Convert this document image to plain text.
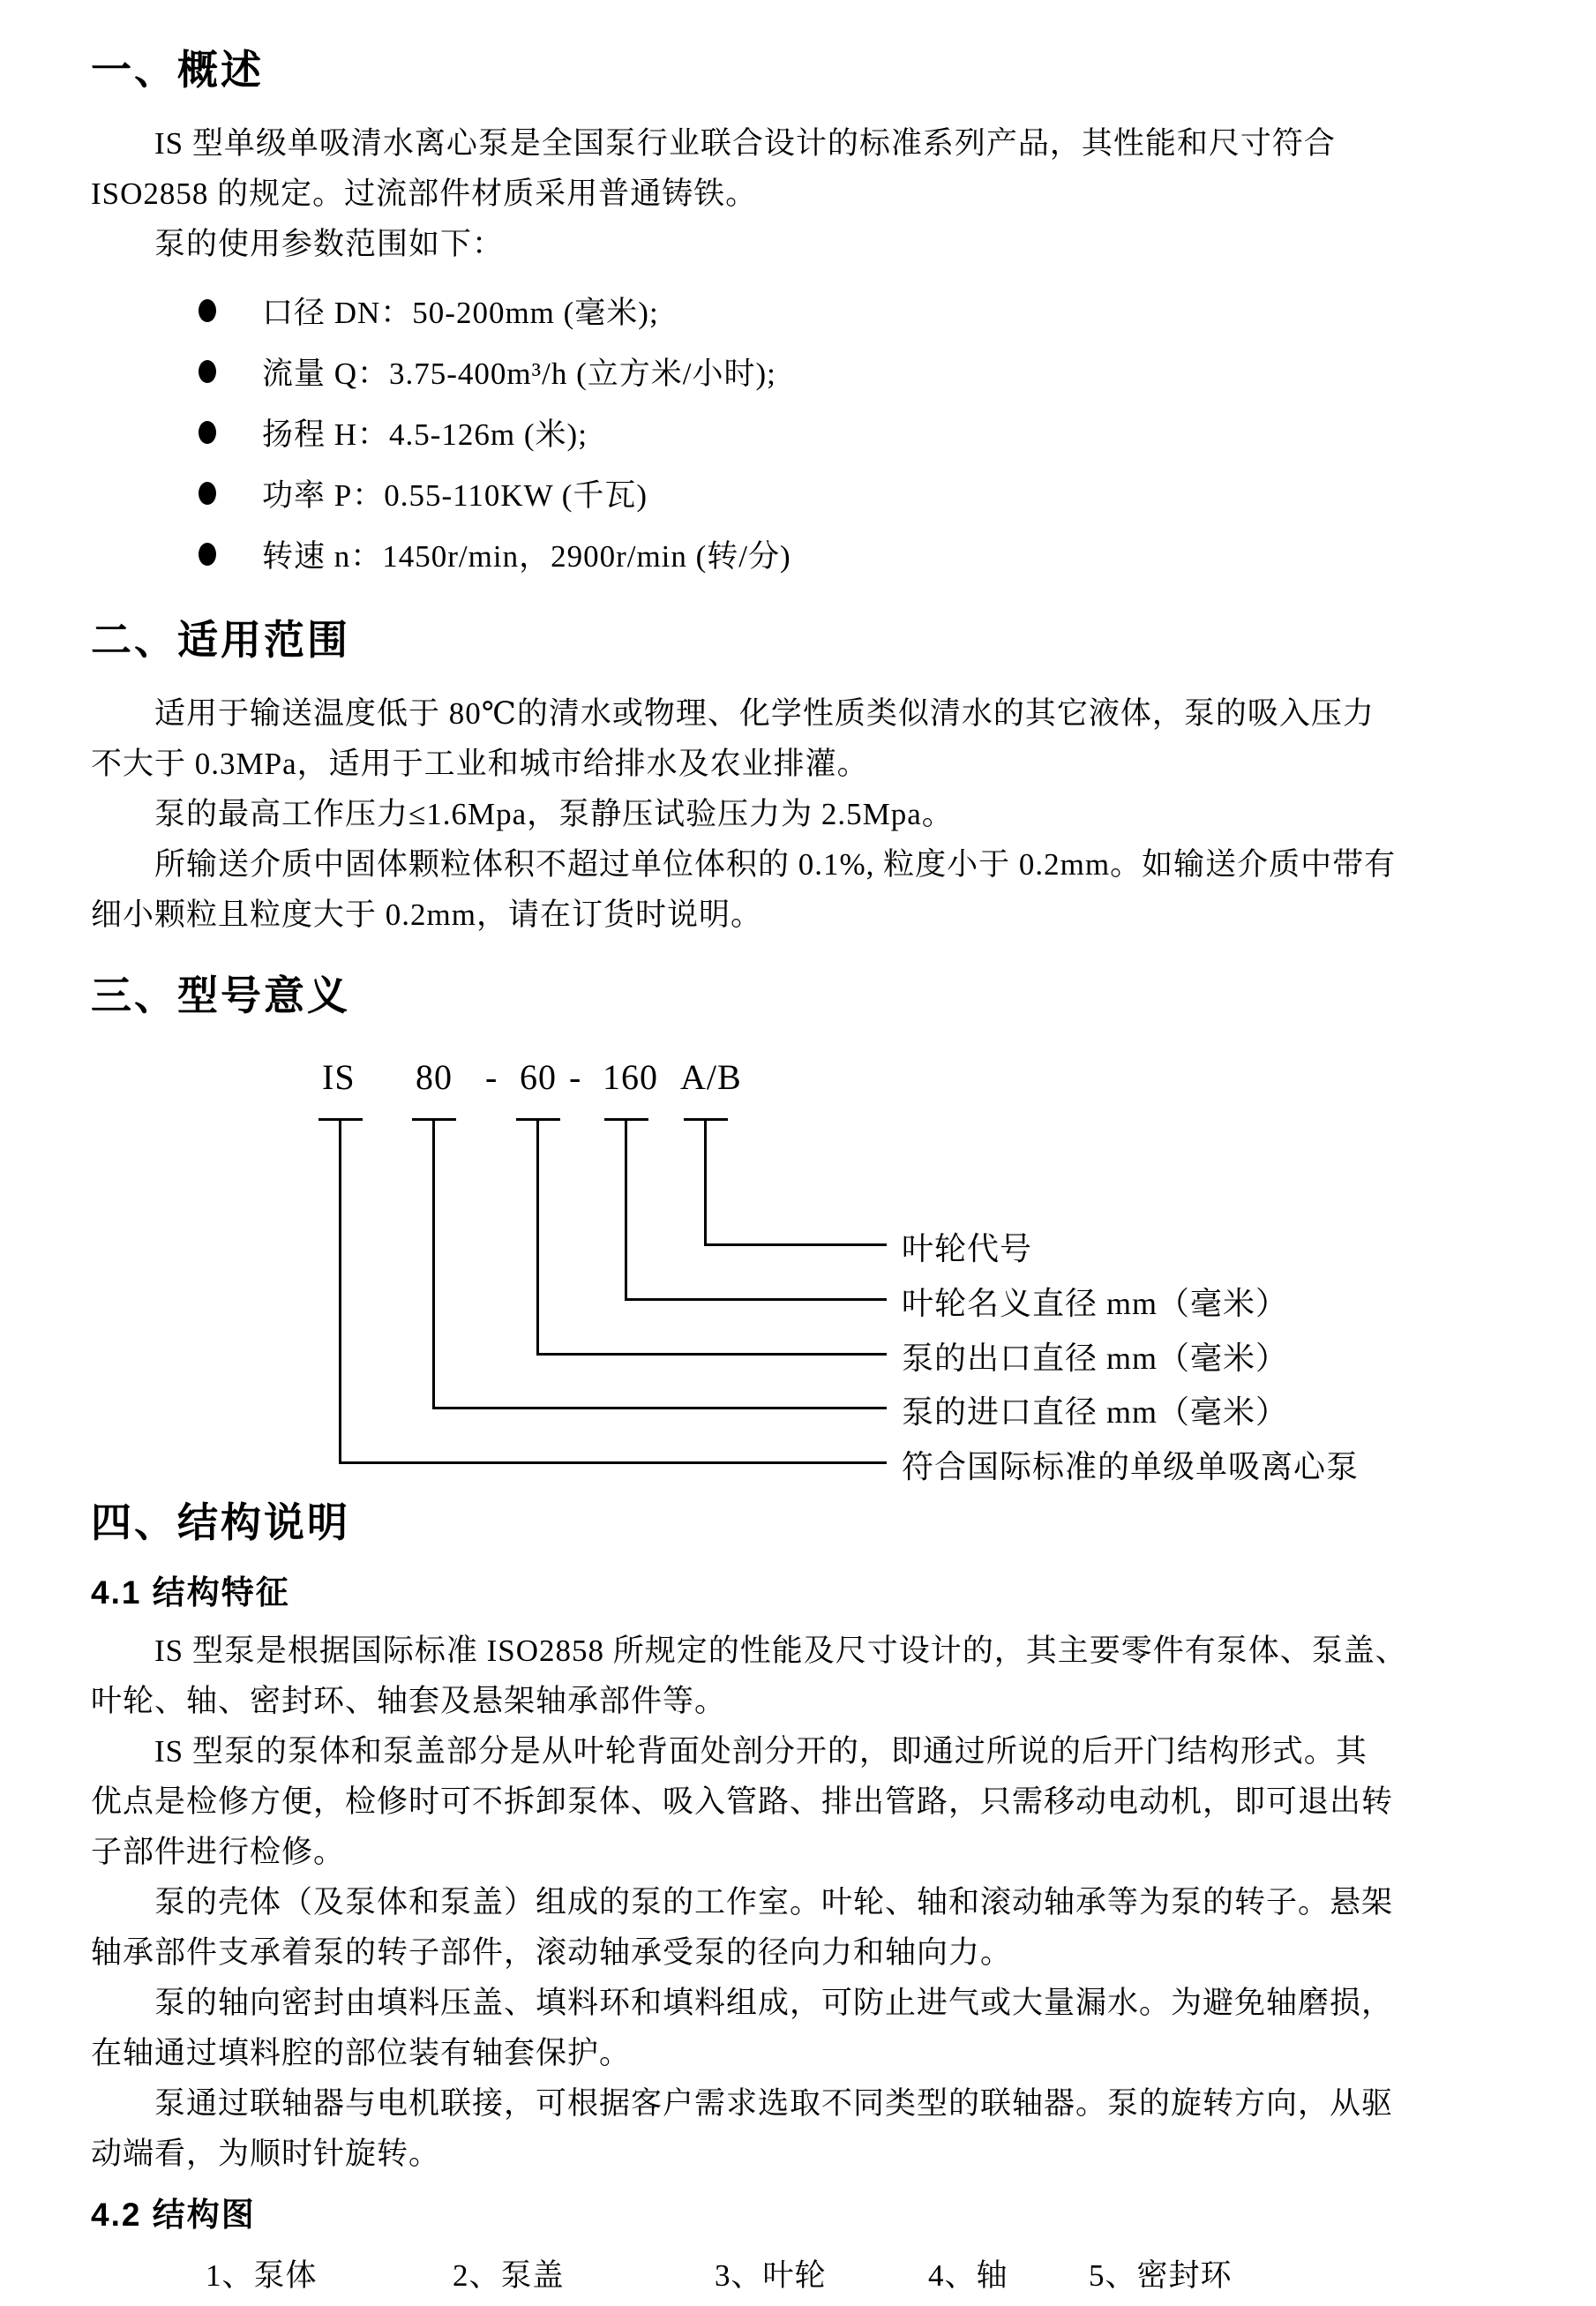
一、概述
IS 型单级单吸清水离心泵是全国泵行业联合设计的标准系列产品，其性能和尺寸符合
ISO2858 的规定。过流部件材质采用普通铸铁。
泵的使用参数范围如下：
口径 DN：50-200mm (毫米);
流量 Q：3.75-400m³/h (立方米/小时);
扬程 H：4.5-126m (米);
功率 P：0.55-110KW (千瓦)
转速 n：1450r/min，2900r/min (转/分)
二、适用范围
适用于输送温度低于 80℃的清水或物理、化学性质类似清水的其它液体，泵的吸入压力
不大于 0.3MPa，适用于工业和城市给排水及农业排灌。
泵的最高工作压力≤1.6Mpa，泵静压试验压力为 2.5Mpa。
所输送介质中固体颗粒体积不超过单位体积的 0.1%, 粒度小于 0.2mm。如输送介质中带有
细小颗粒且粒度大于 0.2mm，请在订货时说明。
三、型号意义
IS 80 - 60 - 160 A/B
叶轮代号
叶轮名义直径 mm（毫米）
泵的出口直径 mm（毫米）
泵的进口直径 mm（毫米）
符合国际标准的单级单吸离心泵
四、结构说明
4.1 结构特征
IS 型泵是根据国际标准 ISO2858 所规定的性能及尺寸设计的，其主要零件有泵体、泵盖、
叶轮、轴、密封环、轴套及悬架轴承部件等。
IS 型泵的泵体和泵盖部分是从叶轮背面处剖分开的，即通过所说的后开门结构形式。其
优点是检修方便，检修时可不拆卸泵体、吸入管路、排出管路，只需移动电动机，即可退出转
子部件进行检修。
泵的壳体（及泵体和泵盖）组成的泵的工作室。叶轮、轴和滚动轴承等为泵的转子。悬架
轴承部件支承着泵的转子部件，滚动轴承受泵的径向力和轴向力。
泵的轴向密封由填料压盖、填料环和填料组成，可防止进气或大量漏水。为避免轴磨损，
在轴通过填料腔的部位装有轴套保护。
泵通过联轴器与电机联接，可根据客户需求选取不同类型的联轴器。泵的旋转方向，从驱
动端看，为顺时针旋转。
4.2 结构图
1、泵体	2、泵盖	3、叶轮	4、轴	5、密封环
